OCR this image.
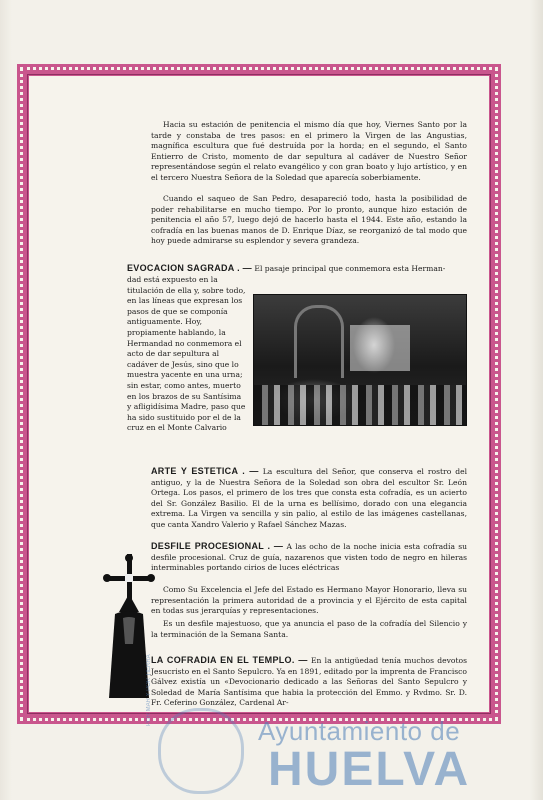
Hacia su estación de penitencia el mismo día que hoy, Viernes Santo por la tarde y constaba de tres pasos: en el primero la Virgen de las Angustias, magnífica escultura que fué destruída por la horda; en el segundo, el Santo Entierro de Cristo, momento de dar sepultura al cadáver de Nuestro Señor representándose según el relato evangélico y con gran boato y lujo artístico, y en el tercero Nuestra Señora de la Soledad que aparecía soberbiamente.

Cuando el saqueo de San Pedro, desapareció todo, hasta la posibilidad de poder rehabilitarse en mucho tiempo. Por lo pronto, aunque hizo estación de penitencia el año 57, luego dejó de hacerlo hasta el 1944. Este año, estando la cofradía en las buenas manos de D. Enrique Díaz, se reorganizó de tal modo que hoy puede admirarse su esplendor y severa grandeza.

EVOCACION SAGRADA . — El pasaje principal que conmemora esta Herman-

dad está expuesto en la titulación de ella y, sobre todo, en las líneas que expresan los pasos de que se componía antiguamente. Hoy, propiamente hablando, la Hermandad no conmemora el acto de dar sepultura al cadáver de Jesús, sino que lo muestra yacente en una urna; sin estar, como antes, muerto en los brazos de su Santísima y afligidísima Madre, paso que ha sido sustituido por el de la cruz en el Monte Calvario

ARTE Y ESTETICA . — La escultura del Señor, que conserva el rostro del antiguo, y la de Nuestra Señora de la Soledad son obra del escultor Sr. León Ortega. Los pasos, el primero de los tres que consta esta cofradía, es un acierto del Sr. González Basilio. El de la urna es bellísimo, dorado con una elegancia extrema. La Virgen va sencilla y sin palio, al estilo de las imágenes castellanas, que canta Xandro Valerio y Rafael Sánchez Mazas.

DESFILE PROCESIONAL . — A las ocho de la noche inicia esta cofradía su desfile procesional. Cruz de guía, nazarenos que visten todo de negro en hileras interminables portando cirios de luces eléctricas

Como Su Excelencia el Jefe del Estado es Hermano Mayor Honorario, lleva su representación la primera autoridad de a provincia y el Ejército de esta capital en todas sus jerarquías y representaciones.

Es un desfile majestuoso, que ya anuncia el paso de la cofradía del Silencio y la terminación de la Semana Santa.

LA COFRADIA EN EL TEMPLO. — En la antigüedad tenía muchos devotos Jesucristo en el Santo Sepulcro. Ya en 1891, editado por la imprenta de Francisco Gálvez existía un «Devocionario dedicado a las Señoras del Santo Sepulcro y Soledad de María Santísima que habia la protección del Emmo. y Rvdmo. Sr. D. Fr. Ceferino González, Cardenal Ar-

POR MAR Y POR TIERRA
Ayuntamiento de
HUELVA
